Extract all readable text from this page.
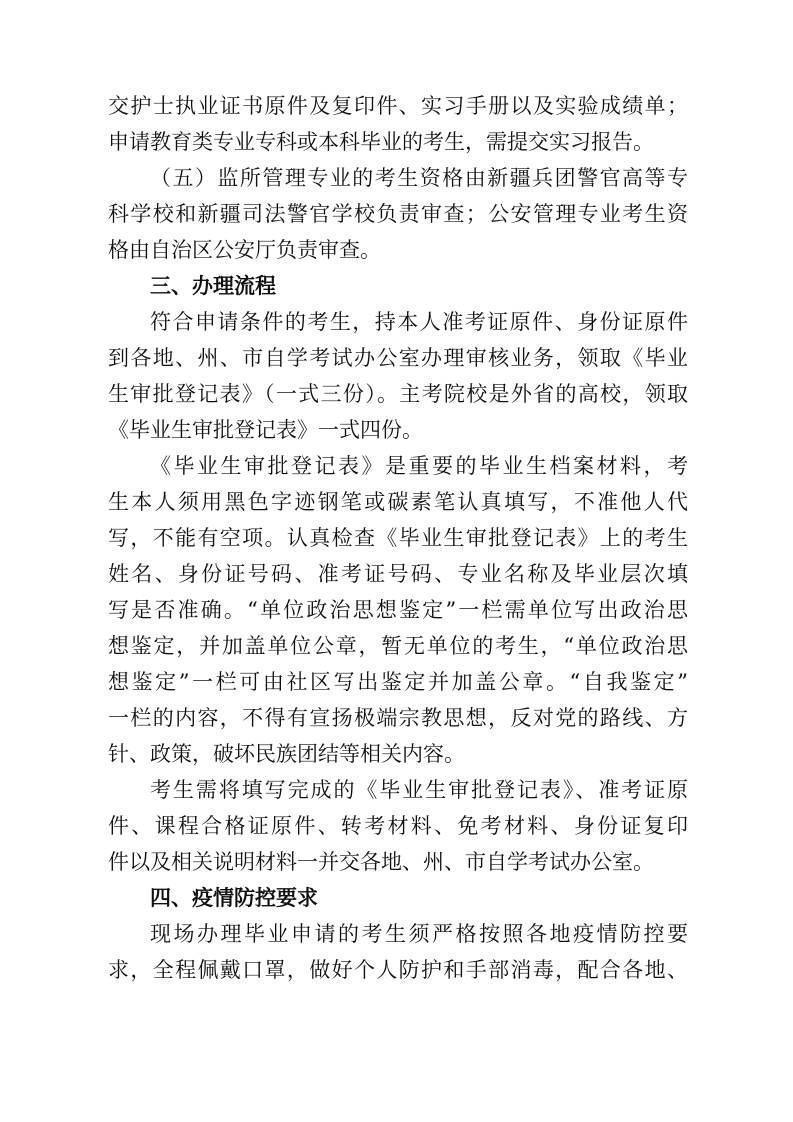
交护士执业证书原件及复印件、实习手册以及实验成绩单；
申请教育类专业专科或本科毕业的考生，需提交实习报告。
（五）监所管理专业的考生资格由新疆兵团警官高等专
科学校和新疆司法警官学校负责审查；公安管理专业考生资
格由自治区公安厅负责审查。
三、办理流程
符合申请条件的考生，持本人准考证原件、身份证原件
到各地、州、市自学考试办公室办理审核业务，领取《毕业
生审批登记表》（一式三份）。主考院校是外省的高校，领取
《毕业生审批登记表》一式四份。
《毕业生审批登记表》是重要的毕业生档案材料，考
生本人须用黑色字迹钢笔或碳素笔认真填写，不准他人代
写，不能有空项。认真检查《毕业生审批登记表》上的考生
姓名、身份证号码、准考证号码、专业名称及毕业层次填
写是否准确。“单位政治思想鉴定”一栏需单位写出政治思
想鉴定，并加盖单位公章，暂无单位的考生，“单位政治思
想鉴定”一栏可由社区写出鉴定并加盖公章。“自我鉴定”
一栏的内容，不得有宣扬极端宗教思想，反对党的路线、方
针、政策，破坏民族团结等相关内容。
考生需将填写完成的《毕业生审批登记表》、准考证原
件、课程合格证原件、转考材料、免考材料、身份证复印
件以及相关说明材料一并交各地、州、市自学考试办公室。
四、疫情防控要求
现场办理毕业申请的考生须严格按照各地疫情防控要
求，全程佩戴口罩，做好个人防护和手部消毒，配合各地、
